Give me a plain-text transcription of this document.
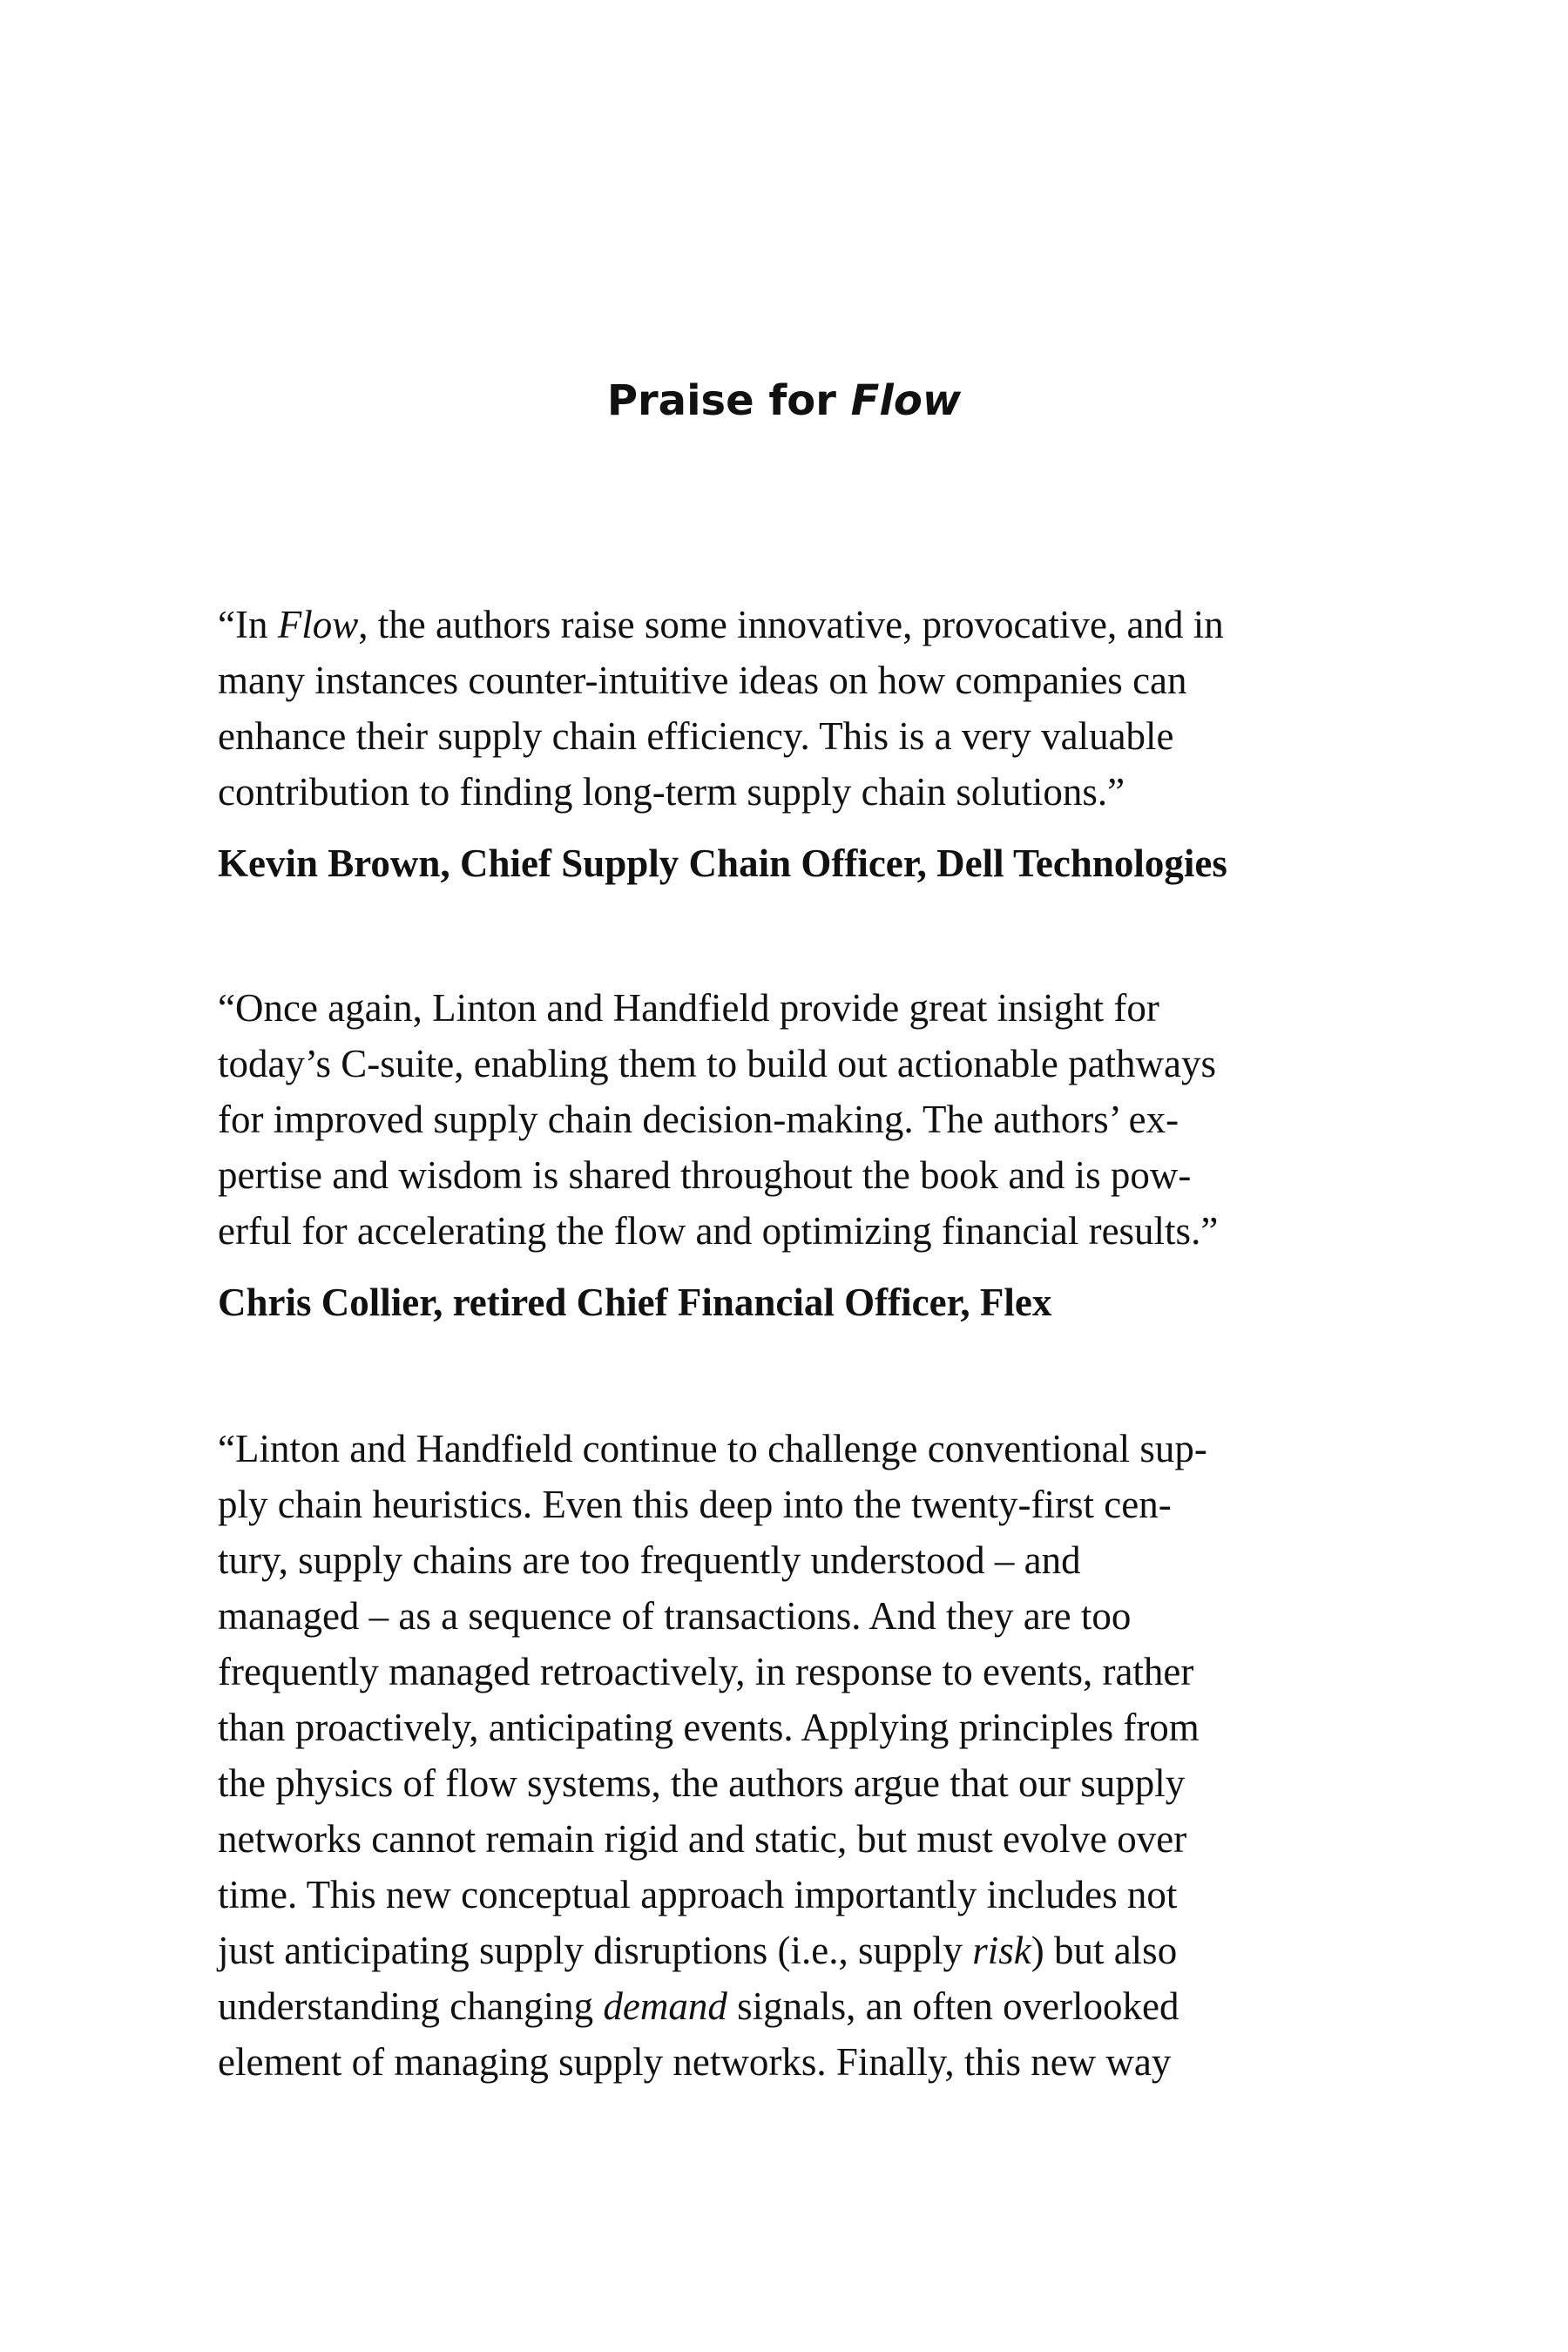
Praise for Flow
“In Flow, the authors raise some innovative, provocative, and in
many instances counter-intuitive ideas on how companies can
enhance their supply chain efficiency. This is a very valuable
contribution to finding long-term supply chain solutions.”
Kevin Brown, Chief Supply Chain Officer, Dell Technologies
“Once again, Linton and Handfield provide great insight for
today’s C-suite, enabling them to build out actionable pathways
for improved supply chain decision-making. The authors’ ex-
pertise and wisdom is shared throughout the book and is pow-
erful for accelerating the flow and optimizing financial results.”
Chris Collier, retired Chief Financial Officer, Flex
“Linton and Handfield continue to challenge conventional sup-
ply chain heuristics. Even this deep into the twenty-first cen-
tury, supply chains are too frequently understood – and
managed – as a sequence of transactions. And they are too
frequently managed retroactively, in response to events, rather
than proactively, anticipating events. Applying principles from
the physics of flow systems, the authors argue that our supply
networks cannot remain rigid and static, but must evolve over
time. This new conceptual approach importantly includes not
just anticipating supply disruptions (i.e., supply risk) but also
understanding changing demand signals, an often overlooked
element of managing supply networks. Finally, this new way
